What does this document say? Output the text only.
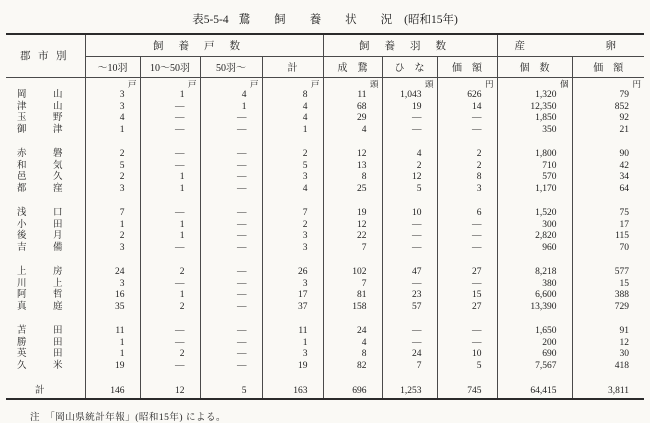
表5-5-4 鵞飼養状況(昭和15年)
郡 市 別	飼養戸数				飼養羽数			産 卵	

	〜10羽	10〜50羽	50羽〜	計	成　鵞	ひ　な	価　額	個　数	価　額
	戸	戸	戸	戸	頭	頭	円	個	円

岡 山	3	1	4	8	11	1,043	626	1,320	79

津 山	3	—	1	4	68	19	14	12,350	852

玉 野	4	—	—	4	29	—	—	1,850	92

御 津	1	—	—	1	4	—	—	350	21

赤 磐	2	—	—	2	12	4	2	1,800	90

和 気	5	—	—	5	13	2	2	710	42

邑 久	2	1	—	3	8	12	8	570	34

都 窪	3	1	—	4	25	5	3	1,170	64

浅 口	7	—	—	7	19	10	6	1,520	75

小 田	1	1	—	2	12	—	—	300	17

後 月	2	1	—	3	22	—	—	2,820	115

吉 備	3	—	—	3	7	—	—	960	70

上 房	24	2	—	26	102	47	27	8,218	577

川 上	3	—	—	3	7	—	—	380	15

阿 哲	16	1	—	17	81	23	15	6,600	388

真 庭	35	2	—	37	158	57	27	13,390	729

苫 田	11	—	—	11	24	—	—	1,650	91

勝 田	1	—	—	1	4	—	—	200	12

英 田	1	2	—	3	8	24	10	690	30

久 米	19	—	—	19	82	7	5	7,567	418

計	146	12	5	163	696	1,253	745	64,415	3,811
注　「岡山県統計年報」(昭和15年) による。
